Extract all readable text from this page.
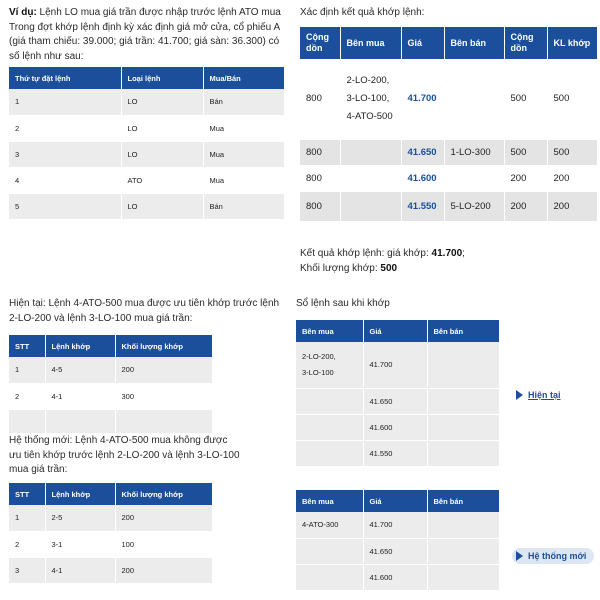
Ví dụ: Lệnh LO mua giá trần được nhập trước lệnh ATO mua Trong đợt khớp lệnh định kỳ xác định giá mở cửa, cổ phiếu A (giá tham chiếu: 39.000; giá trần: 41.700; giá sàn: 36.300) có số lệnh như sau:
Thứ tự đặt lệnh	Loại lệnh	Mua/Bán
1	LO	Bán
2	LO	Mua
3	LO	Mua
4	ATO	Mua
5	LO	Bán
Xác định kết quả khớp lệnh:
Cộng dồn	Bên mua	Giá	Bên bán	Cộng dồn	KL khớp
800	2-LO-200,
3-LO-100,
4-ATO-500	41.700		500	500
800		41.650	1-LO-300	500	500
800		41.600		200	200
800		41.550	5-LO-200	200	200
Kết quả khớp lệnh: giá khớp: 41.700;
Khối lượng khớp: 500
Hiện tại: Lệnh 4-ATO-500 mua được ưu tiên khớp trước lệnh 2-LO-200 và lệnh 3-LO-100 mua giá trần:
STT	Lệnh khớp	Khối lượng khớp
1	4-5	200
2	4-1	300

Hệ thống mới: Lệnh 4-ATO-500 mua không được ưu tiên khớp trước lệnh 2-LO-200 và lệnh 3-LO-100 mua giá trần:
STT	Lệnh khớp	Khối lượng khớp
1	2-5	200
2	3-1	100
3	4-1	200
Sổ lệnh sau khi khớp
Bên mua	Giá	Bên bán
2-LO-200,
3-LO-100	41.700	
	41.650	
	41.600	
	41.550	
Hiện tại
Bên mua	Giá	Bên bán
4-ATO-300	41.700	
	41.650	
	41.600	
Hệ thống mới
